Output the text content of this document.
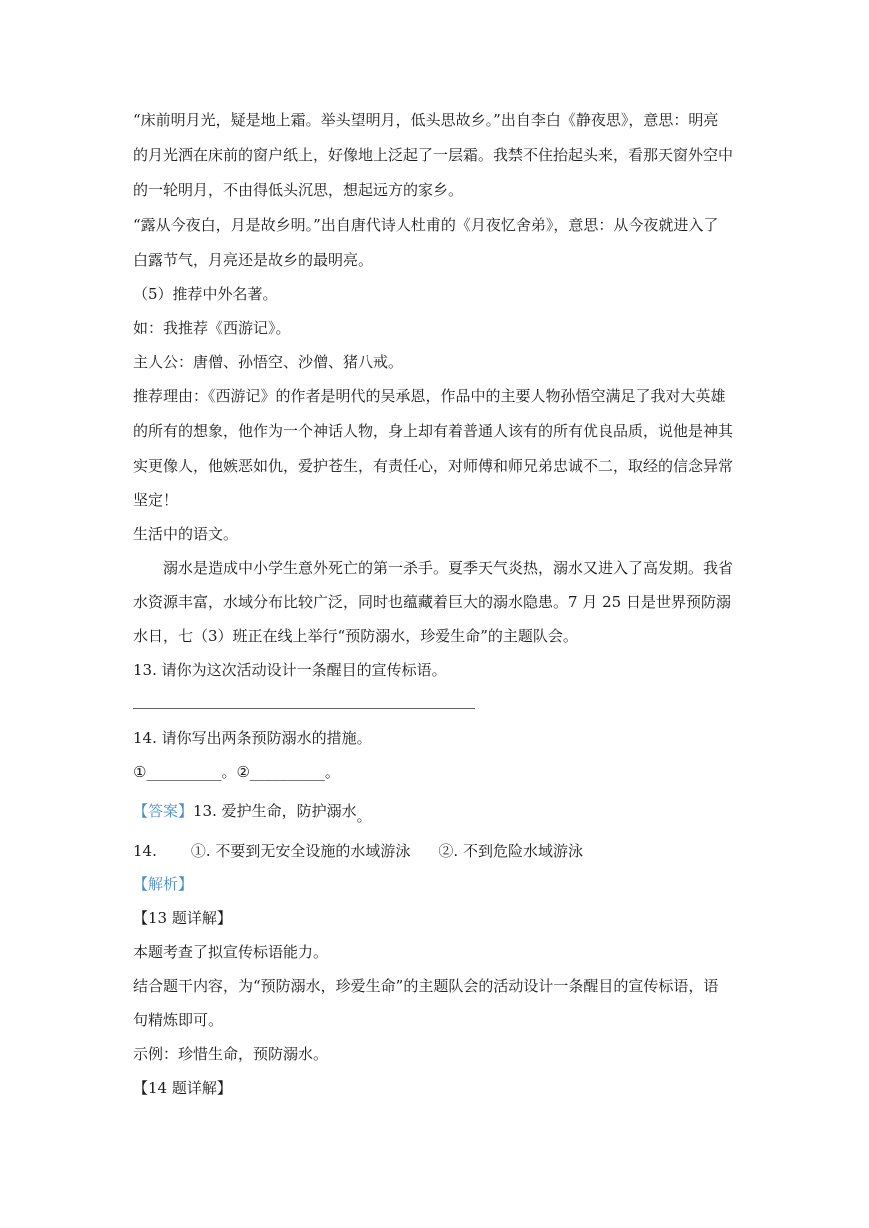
“床前明月光，疑是地上霜。举头望明月，低头思故乡。”出自李白《静夜思》，意思：明亮
的月光洒在床前的窗户纸上，好像地上泛起了一层霜。我禁不住抬起头来，看那天窗外空中
的一轮明月，不由得低头沉思，想起远方的家乡。
“露从今夜白，月是故乡明。”出自唐代诗人杜甫的《月夜忆舍弟》，意思：从今夜就进入了
白露节气，月亮还是故乡的最明亮。
（5）推荐中外名著。
如：我推荐《西游记》。
主人公：唐僧、孙悟空、沙僧、猪八戒。
推荐理由：《西游记》的作者是明代的吴承恩，作品中的主要人物孙悟空满足了我对大英雄
的所有的想象，他作为一个神话人物，身上却有着普通人该有的所有优良品质，说他是神其
实更像人，他嫉恶如仇，爱护苍生，有责任心，对师傅和师兄弟忠诚不二，取经的信念异常
坚定！
生活中的语文。
溺水是造成中小学生意外死亡的第一杀手。夏季天气炎热，溺水又进入了高发期。我省
水资源丰富，水域分布比较广泛，同时也蕴藏着巨大的溺水隐患。7 月 25 日是世界预防溺
水日，七（3）班正在线上举行“预防溺水，珍爱生命”的主题队会。
13. 请你为这次活动设计一条醒目的宣传标语。
14. 请你写出两条预防溺水的措施。
①__________。②__________。
【答案】13. 爱护生命，防护溺水。
14. ①. 不要到无安全设施的水域游泳 ②. 不到危险水域游泳
【解析】
【13 题详解】
本题考查了拟宣传标语能力。
结合题干内容，为“预防溺水，珍爱生命”的主题队会的活动设计一条醒目的宣传标语，语
句精炼即可。
示例：珍惜生命，预防溺水。
【14 题详解】
